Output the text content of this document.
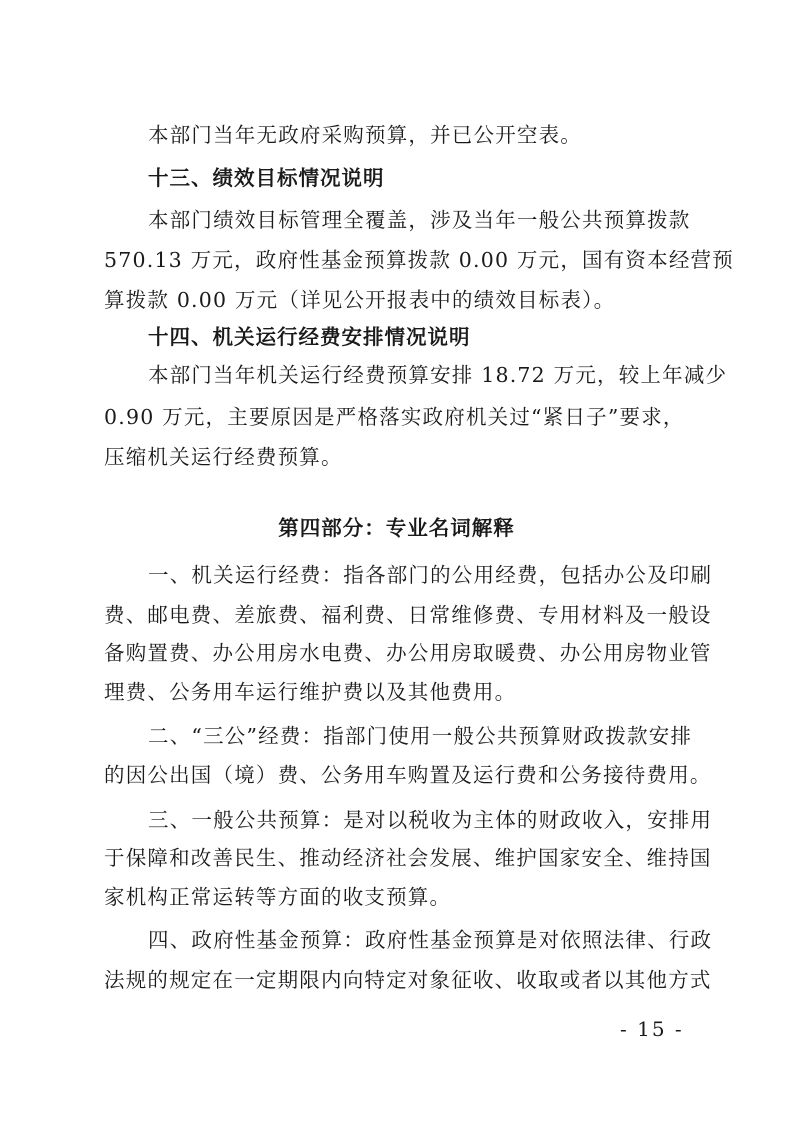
本部门当年无政府采购预算，并已公开空表。
十三、绩效目标情况说明
本部门绩效目标管理全覆盖，涉及当年一般公共预算拨款
570.13 万元，政府性基金预算拨款 0.00 万元，国有资本经营预
算拨款 0.00 万元（详见公开报表中的绩效目标表）。
十四、机关运行经费安排情况说明
本部门当年机关运行经费预算安排 18.72 万元，较上年减少
0.90 万元，主要原因是严格落实政府机关过“紧日子”要求，
压缩机关运行经费预算。
第四部分：专业名词解释
一、机关运行经费：指各部门的公用经费，包括办公及印刷
费、邮电费、差旅费、福利费、日常维修费、专用材料及一般设
备购置费、办公用房水电费、办公用房取暖费、办公用房物业管
理费、公务用车运行维护费以及其他费用。
二、“三公”经费：指部门使用一般公共预算财政拨款安排
的因公出国（境）费、公务用车购置及运行费和公务接待费用。
三、一般公共预算：是对以税收为主体的财政收入，安排用
于保障和改善民生、推动经济社会发展、维护国家安全、维持国
家机构正常运转等方面的收支预算。
四、政府性基金预算：政府性基金预算是对依照法律、行政
法规的规定在一定期限内向特定对象征收、收取或者以其他方式
- 15 -
